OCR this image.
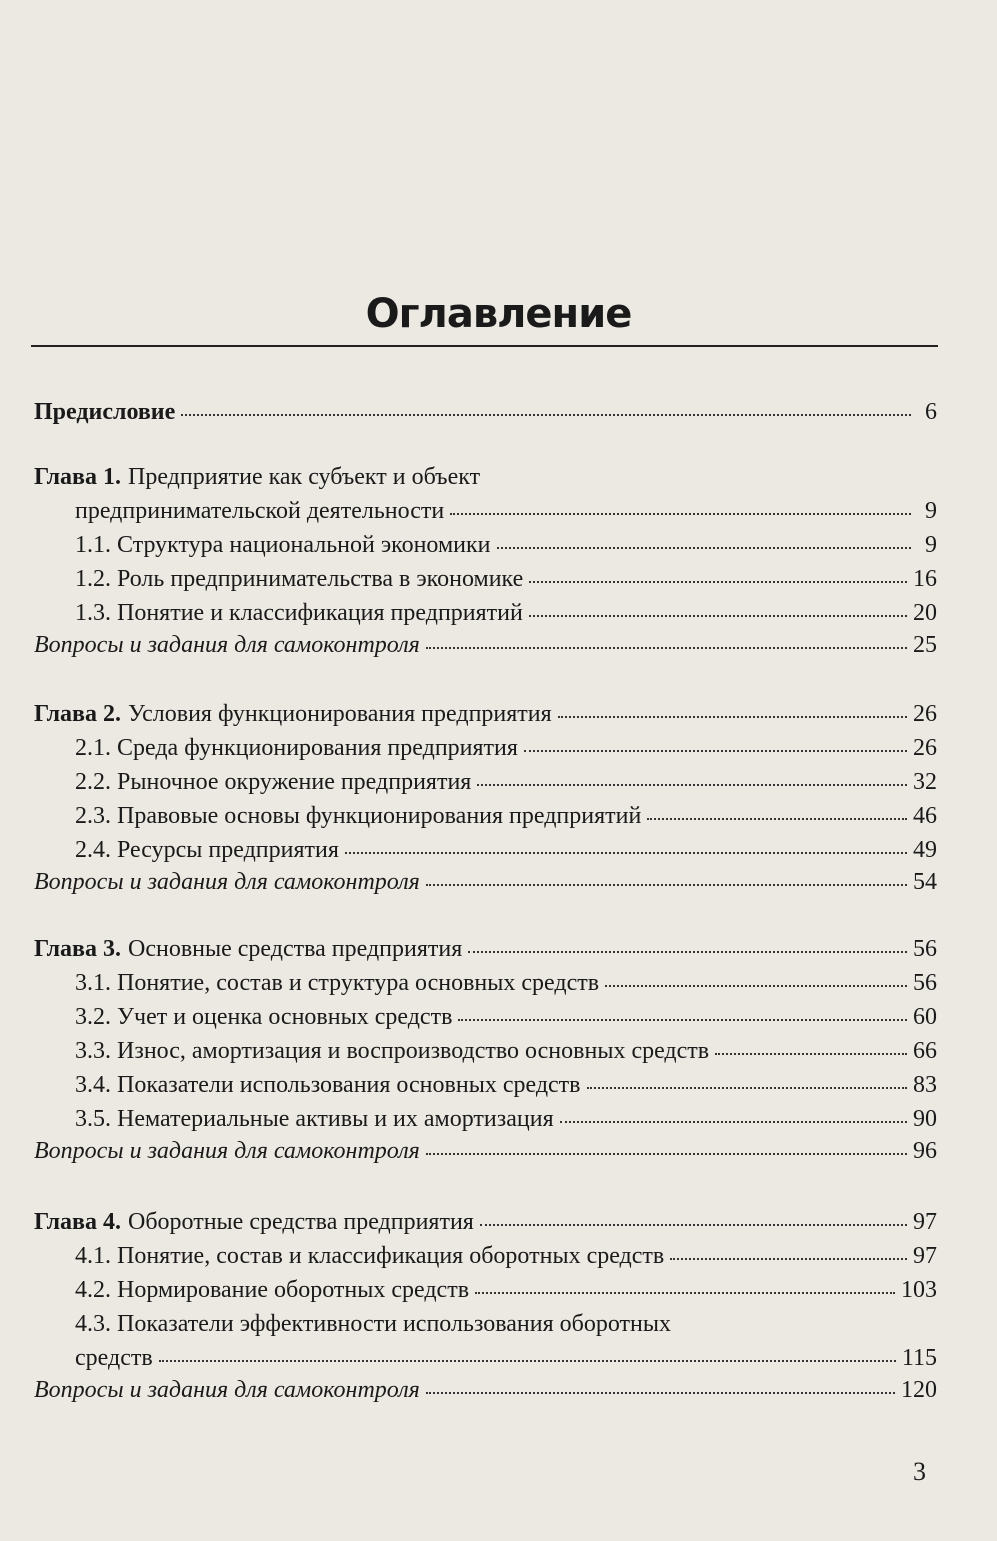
Оглавление
Предисловие	6
Глава 1. Предприятие как субъект и объект
предпринимательской деятельности	9
1.1. Структура национальной экономики	9
1.2. Роль предпринимательства в экономике	16
1.3. Понятие и классификация предприятий	20
Вопросы и задания для самоконтроля	25
Глава 2. Условия функционирования предприятия	26
2.1. Среда функционирования предприятия	26
2.2. Рыночное окружение предприятия	32
2.3. Правовые основы функционирования предприятий	46
2.4. Ресурсы предприятия	49
Вопросы и задания для самоконтроля	54
Глава 3. Основные средства предприятия	56
3.1. Понятие, состав и структура основных средств	56
3.2. Учет и оценка основных средств	60
3.3. Износ, амортизация и воспроизводство основных средств	66
3.4. Показатели использования основных средств	83
3.5. Нематериальные активы и их амортизация	90
Вопросы и задания для самоконтроля	96
Глава 4. Оборотные средства предприятия	97
4.1. Понятие, состав и классификация оборотных средств	97
4.2. Нормирование оборотных средств	103
4.3. Показатели эффективности использования оборотных
средств	115
Вопросы и задания для самоконтроля	120
3
